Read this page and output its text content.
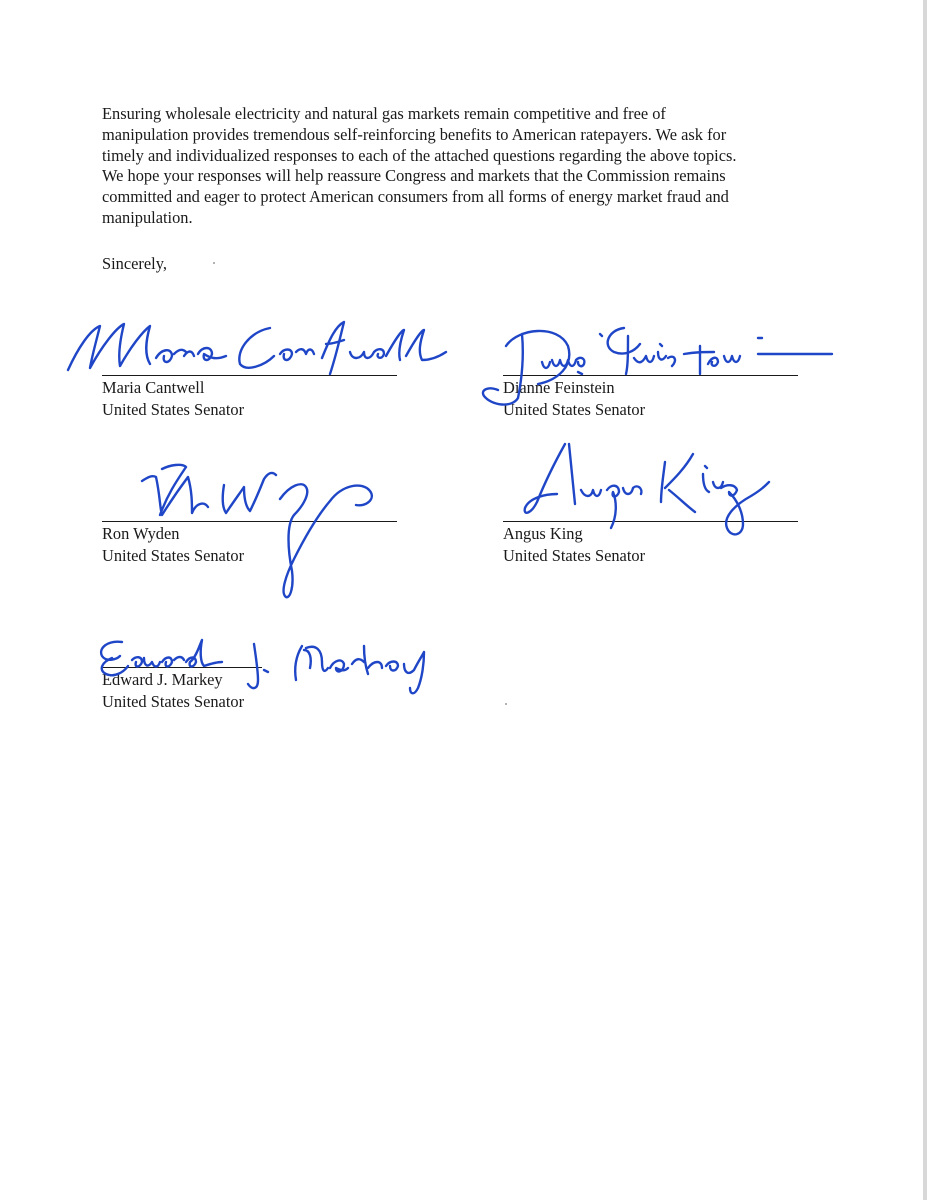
Ensuring wholesale electricity and natural gas markets remain competitive and free of
manipulation provides tremendous self-reinforcing benefits to American ratepayers. We ask for
timely and individualized responses to each of the attached questions regarding the above topics.
We hope your responses will help reassure Congress and markets that the Commission remains
committed and eager to protect American consumers from all forms of energy market fraud and
manipulation.

Sincerely,
Maria Cantwell
United States Senator
Dianne Feinstein
United States Senator
Ron Wyden
United States Senator
Angus King
United States Senator
Edward J. Markey
United States Senator
